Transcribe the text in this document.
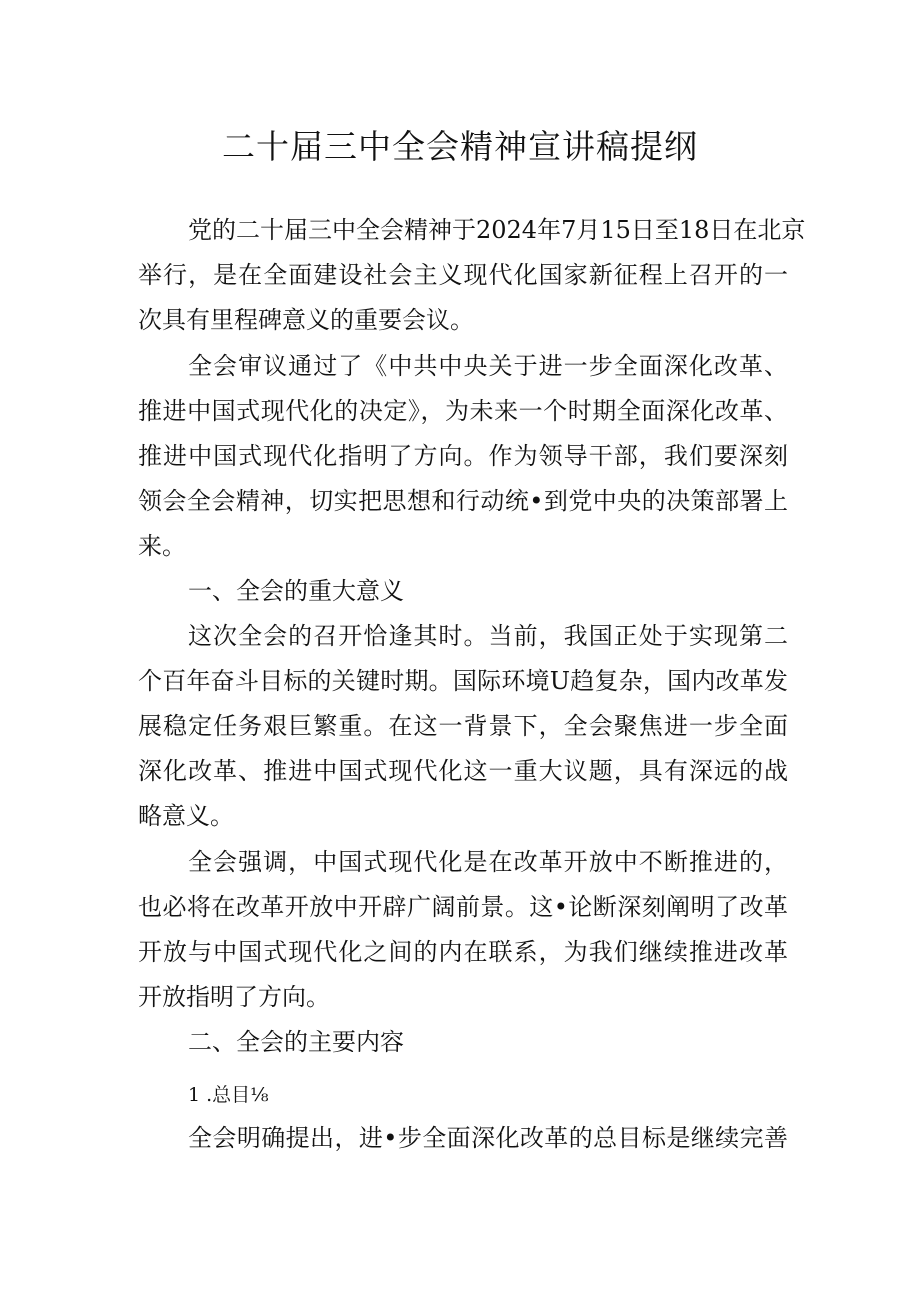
二十届三中全会精神宣讲稿提纲
党的二十届三中全会精神于2024年7月15日至18日在北京
举行，是在全面建设社会主义现代化国家新征程上召开的一
次具有里程碑意义的重要会议。
全会审议通过了《中共中央关于进一步全面深化改革、
推进中国式现代化的决定》，为未来一个时期全面深化改革、
推进中国式现代化指明了方向。作为领导干部，我们要深刻
领会全会精神，切实把思想和行动统•到党中央的决策部署上
来。
一、全会的重大意义
这次全会的召开恰逢其时。当前，我国正处于实现第二
个百年奋斗目标的关键时期。国际环境U趋复杂，国内改革发
展稳定任务艰巨繁重。在这一背景下，全会聚焦进一步全面
深化改革、推进中国式现代化这一重大议题，具有深远的战
略意义。
全会强调，中国式现代化是在改革开放中不断推进的，
也必将在改革开放中开辟广阔前景。这•论断深刻阐明了改革
开放与中国式现代化之间的内在联系，为我们继续推进改革
开放指明了方向。
二、全会的主要内容
1 .总目⅛
全会明确提出，进•步全面深化改革的总目标是继续完善
